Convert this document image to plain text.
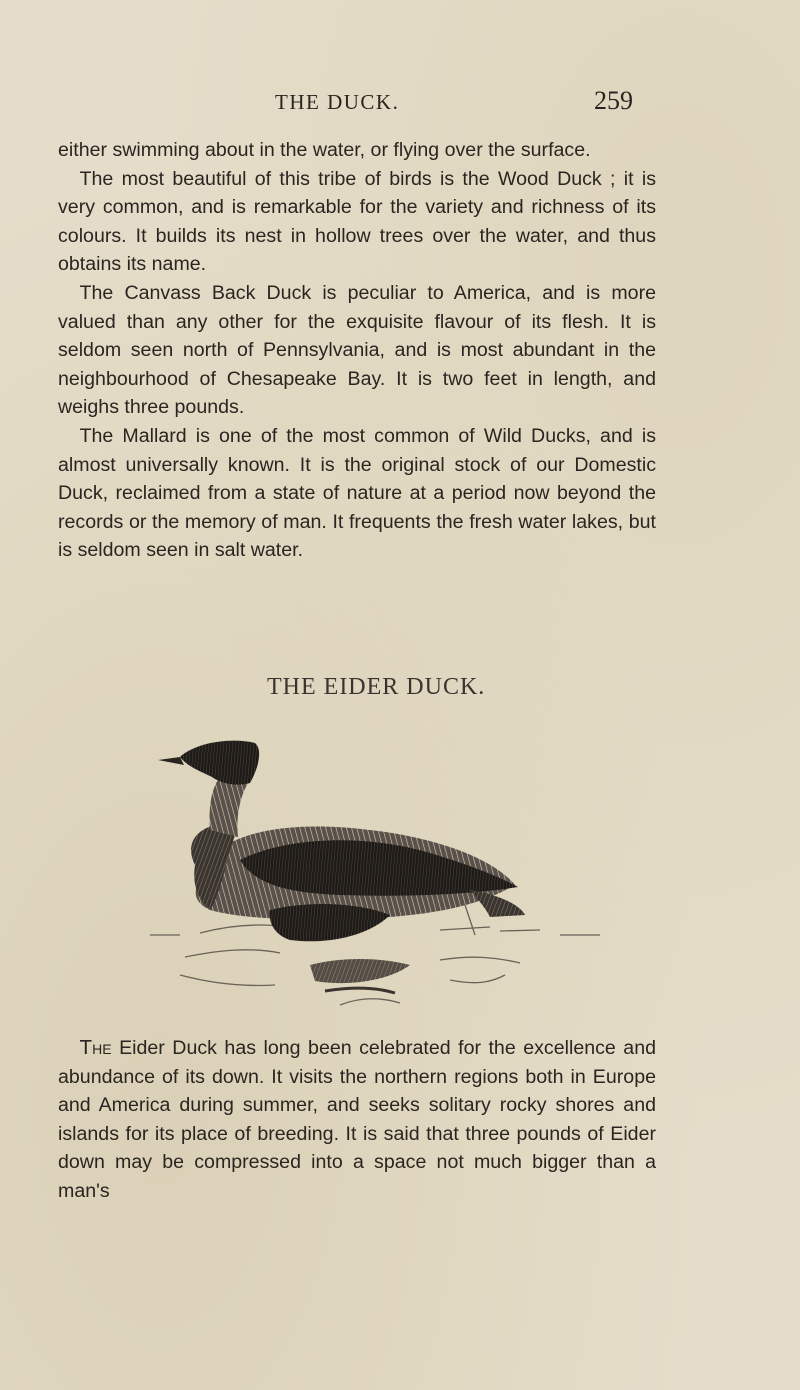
THE DUCK.	259

either swimming about in the water, or flying over the surface.

The most beautiful of this tribe of birds is the Wood Duck ; it is very common, and is remarkable for the variety and richness of its colours. It builds its nest in hollow trees over the water, and thus obtains its name.

The Canvass Back Duck is peculiar to America, and is more valued than any other for the exquisite flavour of its flesh. It is seldom seen north of Pennsylvania, and is most abundant in the neighbourhood of Chesapeake Bay. It is two feet in length, and weighs three pounds.

The Mallard is one of the most common of Wild Ducks, and is almost universally known. It is the original stock of our Domestic Duck, reclaimed from a state of nature at a period now beyond the records or the memory of man. It frequents the fresh water lakes, but is seldom seen in salt water.

THE EIDER DUCK.

The Eider Duck has long been celebrated for the excellence and abundance of its down. It visits the northern regions both in Europe and America during summer, and seeks solitary rocky shores and islands for its place of breeding. It is said that three pounds of Eider down may be compressed into a space not much bigger than a man's
